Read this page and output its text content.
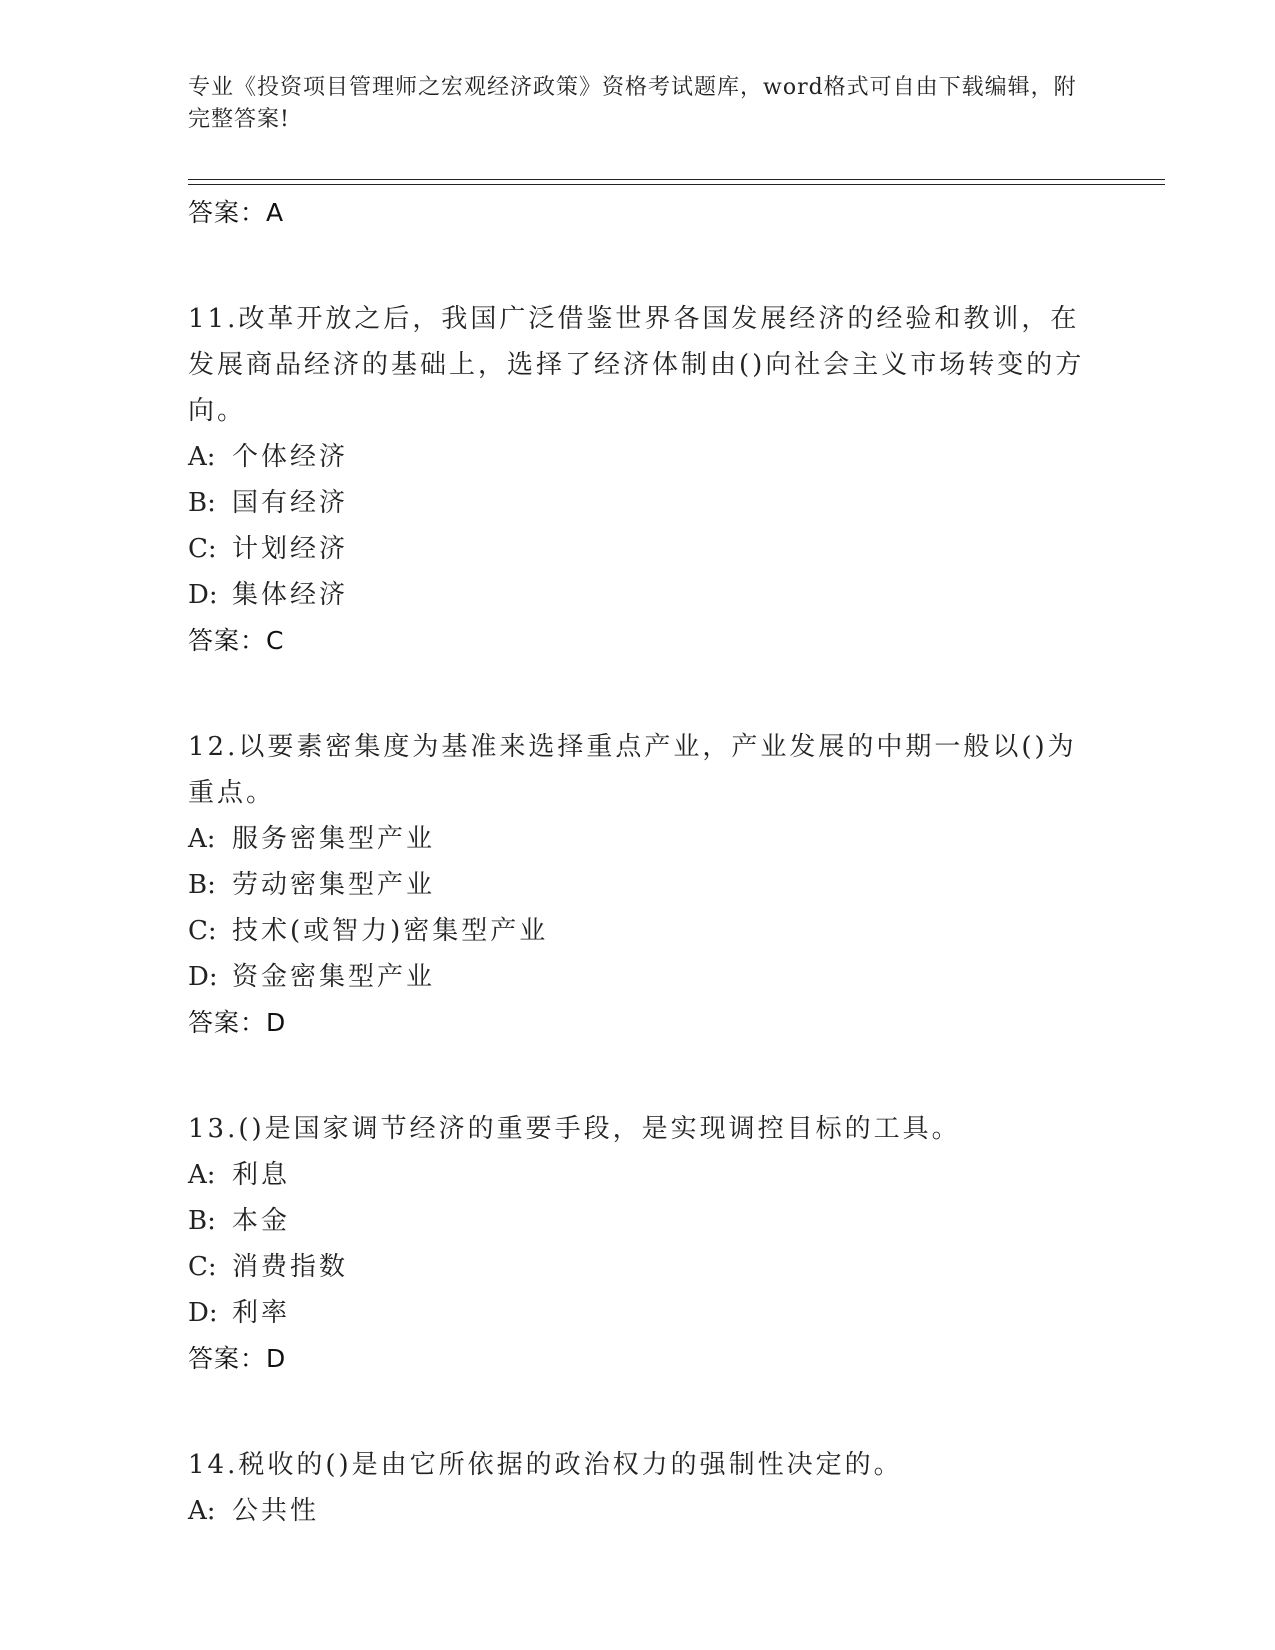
专业《投资项目管理师之宏观经济政策》资格考试题库，word格式可自由下载编辑，附完整答案!
答案：A
11.改革开放之后，我国广泛借鉴世界各国发展经济的经验和教训，在发展商品经济的基础上，选择了经济体制由()向社会主义市场转变的方向。
A: 个体经济
B: 国有经济
C: 计划经济
D: 集体经济
答案：C
12.以要素密集度为基准来选择重点产业，产业发展的中期一般以()为重点。
A: 服务密集型产业
B: 劳动密集型产业
C: 技术(或智力)密集型产业
D: 资金密集型产业
答案：D
13.()是国家调节经济的重要手段，是实现调控目标的工具。
A: 利息
B: 本金
C: 消费指数
D: 利率
答案：D
14.税收的()是由它所依据的政治权力的强制性决定的。
A: 公共性
